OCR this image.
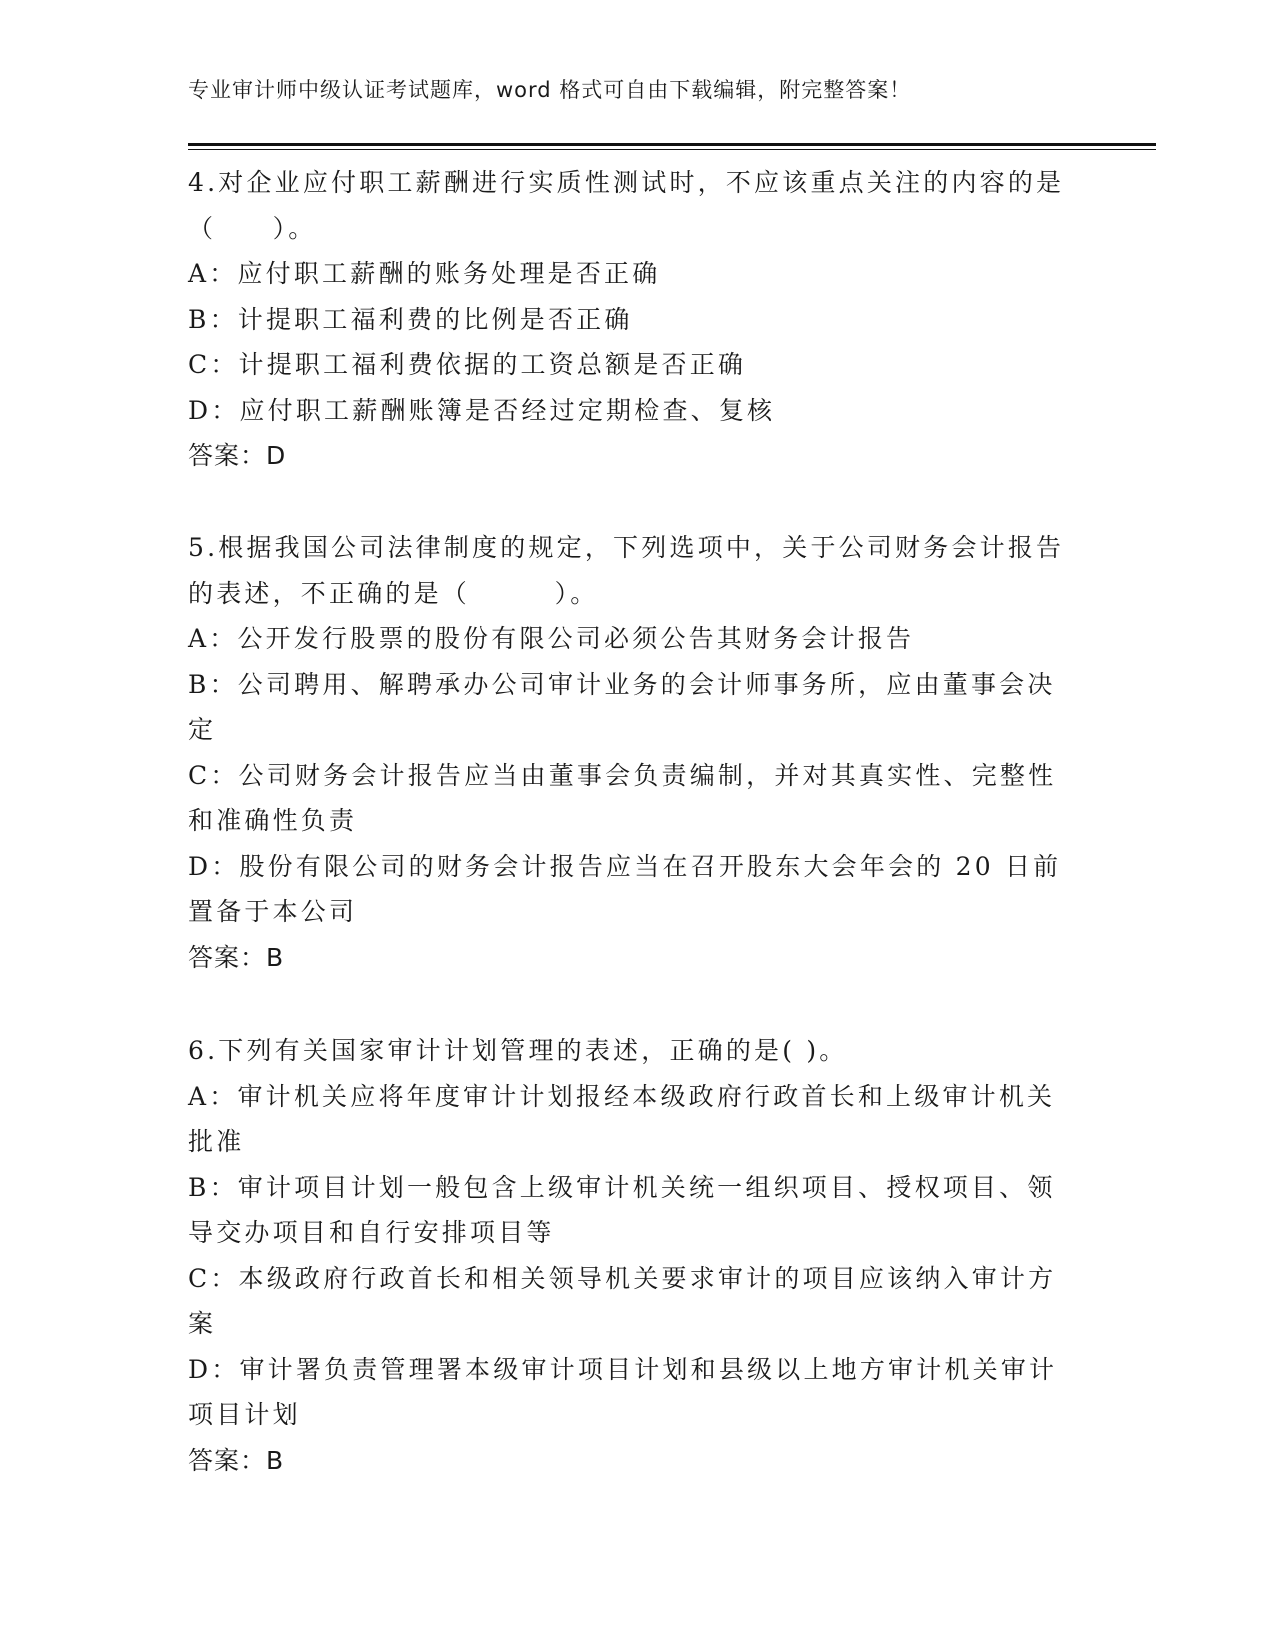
专业审计师中级认证考试题库，word 格式可自由下载编辑，附完整答案！

4.对企业应付职工薪酬进行实质性测试时，不应该重点关注的内容的是（　　）。

A：应付职工薪酬的账务处理是否正确

B：计提职工福利费的比例是否正确

C：计提职工福利费依据的工资总额是否正确

D：应付职工薪酬账簿是否经过定期检查、复核

答案：D

5.根据我国公司法律制度的规定，下列选项中，关于公司财务会计报告的表述，不正确的是（　　　）。

A：公开发行股票的股份有限公司必须公告其财务会计报告

B：公司聘用、解聘承办公司审计业务的会计师事务所，应由董事会决定

C：公司财务会计报告应当由董事会负责编制，并对其真实性、完整性和准确性负责

D：股份有限公司的财务会计报告应当在召开股东大会年会的 20 日前置备于本公司

答案：B

6.下列有关国家审计计划管理的表述，正确的是( )。

A：审计机关应将年度审计计划报经本级政府行政首长和上级审计机关批准

B：审计项目计划一般包含上级审计机关统一组织项目、授权项目、领导交办项目和自行安排项目等

C：本级政府行政首长和相关领导机关要求审计的项目应该纳入审计方案

D：审计署负责管理署本级审计项目计划和县级以上地方审计机关审计项目计划

答案：B
